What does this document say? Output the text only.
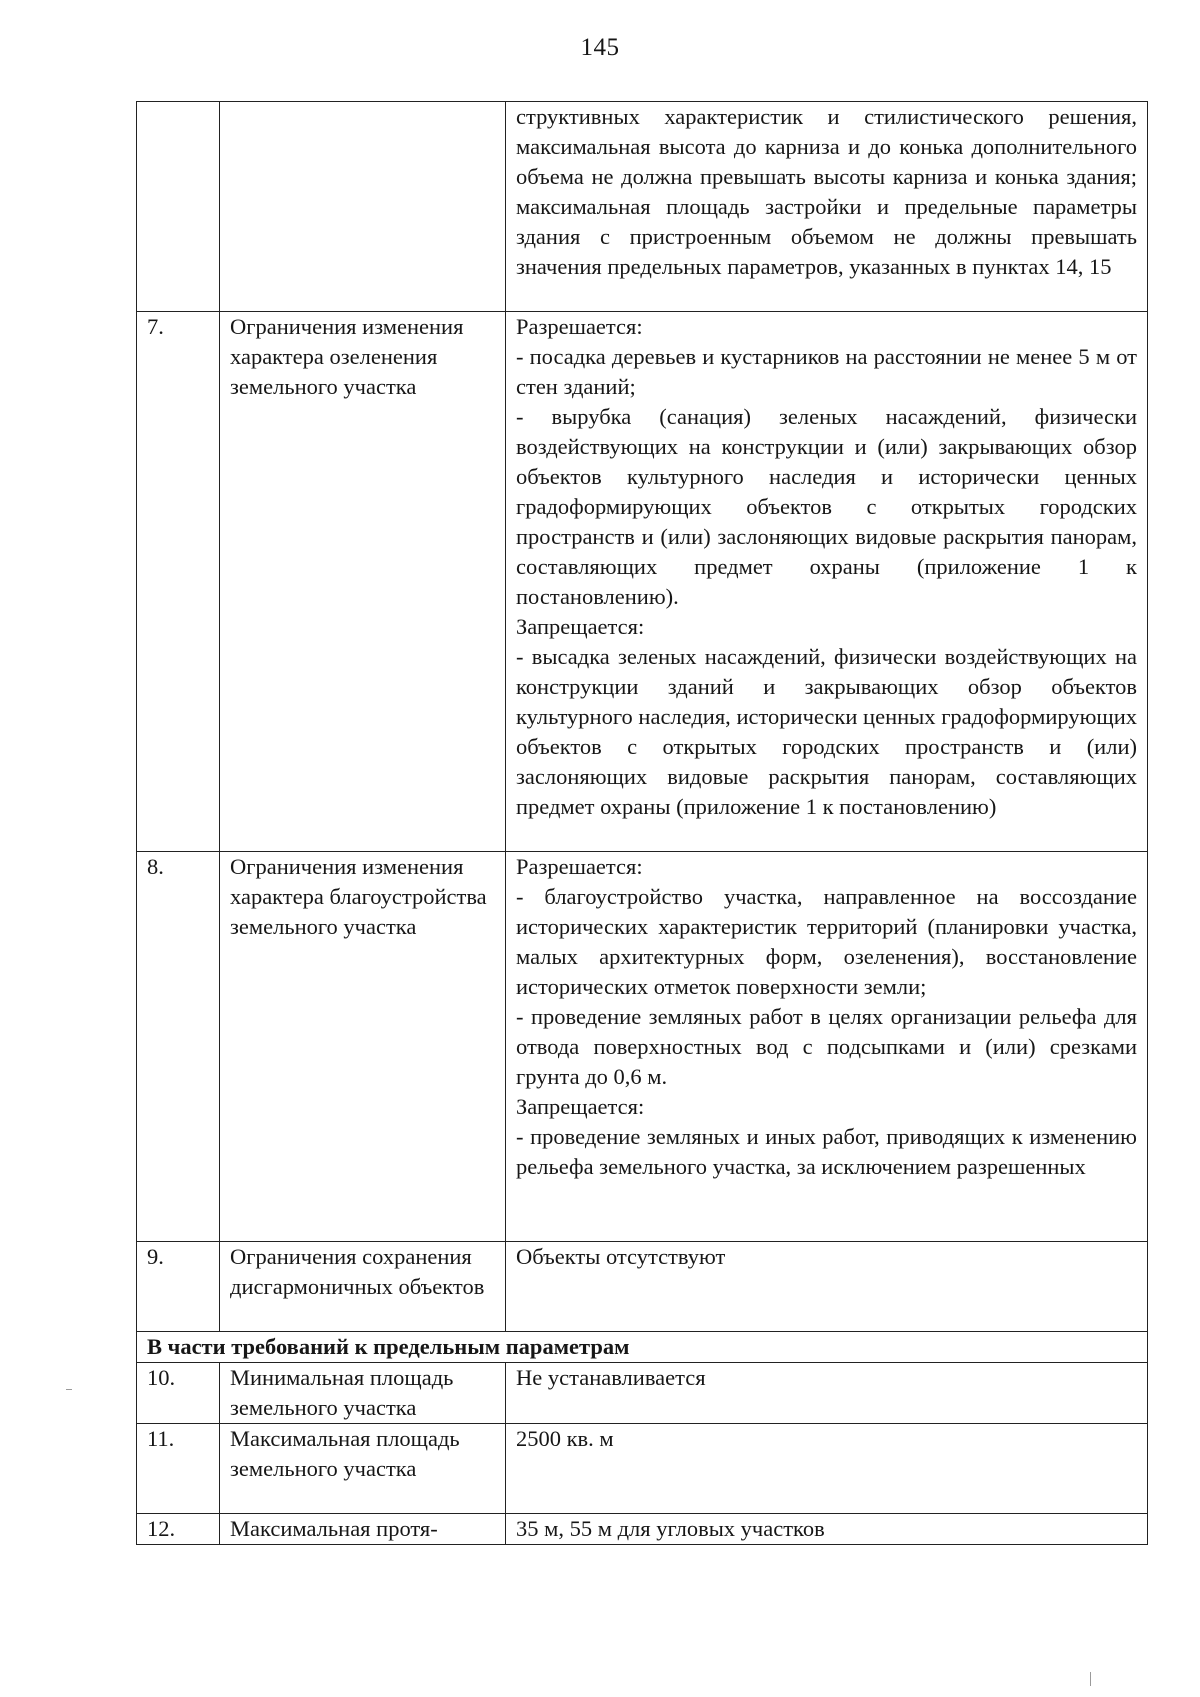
145

		структивных характеристик и стилистического решения, максимальная высота до карниза и до конька дополнительного объема не должна превышать высоты карниза и конька здания; максимальная площадь застройки и предельные параметры здания с пристроенным объемом не должны превышать значения предельных параметров, указанных в пунктах 14, 15

7.	Ограничения изменения характера озеленения земельного участка	Разрешается:
- посадка деревьев и кустарников на расстоянии не менее 5 м от стен зданий;
- вырубка (санация) зеленых насаждений, физически воздействующих на конструкции и (или) закрывающих обзор объектов культурного наследия и исторически ценных градоформирующих объектов с открытых городских пространств и (или) заслоняющих видовые раскрытия панорам, составляющих предмет охраны (приложение 1 к постановлению).
Запрещается:
- высадка зеленых насаждений, физически воздействующих на конструкции зданий и закрывающих обзор объектов культурного наследия, исторически ценных градоформирующих объектов с открытых городских пространств и (или) заслоняющих видовые раскрытия панорам, составляющих предмет охраны (приложение 1 к постановлению)

8.	Ограничения изменения характера благоустройства земельного участка	Разрешается:
- благоустройство участка, направленное на воссоздание исторических характеристик территорий (планировки участка, малых архитектурных форм, озеленения), восстановление исторических отметок поверхности земли;
- проведение земляных работ в целях организации рельефа для отвода поверхностных вод с подсыпками и (или) срезками грунта до 0,6 м.
Запрещается:
- проведение земляных и иных работ, приводящих к изменению рельефа земельного участка, за исключением разрешенных

9.	Ограничения сохранения дисгармоничных объектов	Объекты отсутствуют

В части требований к предельным параметрам		
10.	Минимальная площадь земельного участка	Не устанавливается

11.	Максимальная площадь земельного участка	2500 кв. м

12.	Максимальная протя-	35 м, 55 м для угловых участков
